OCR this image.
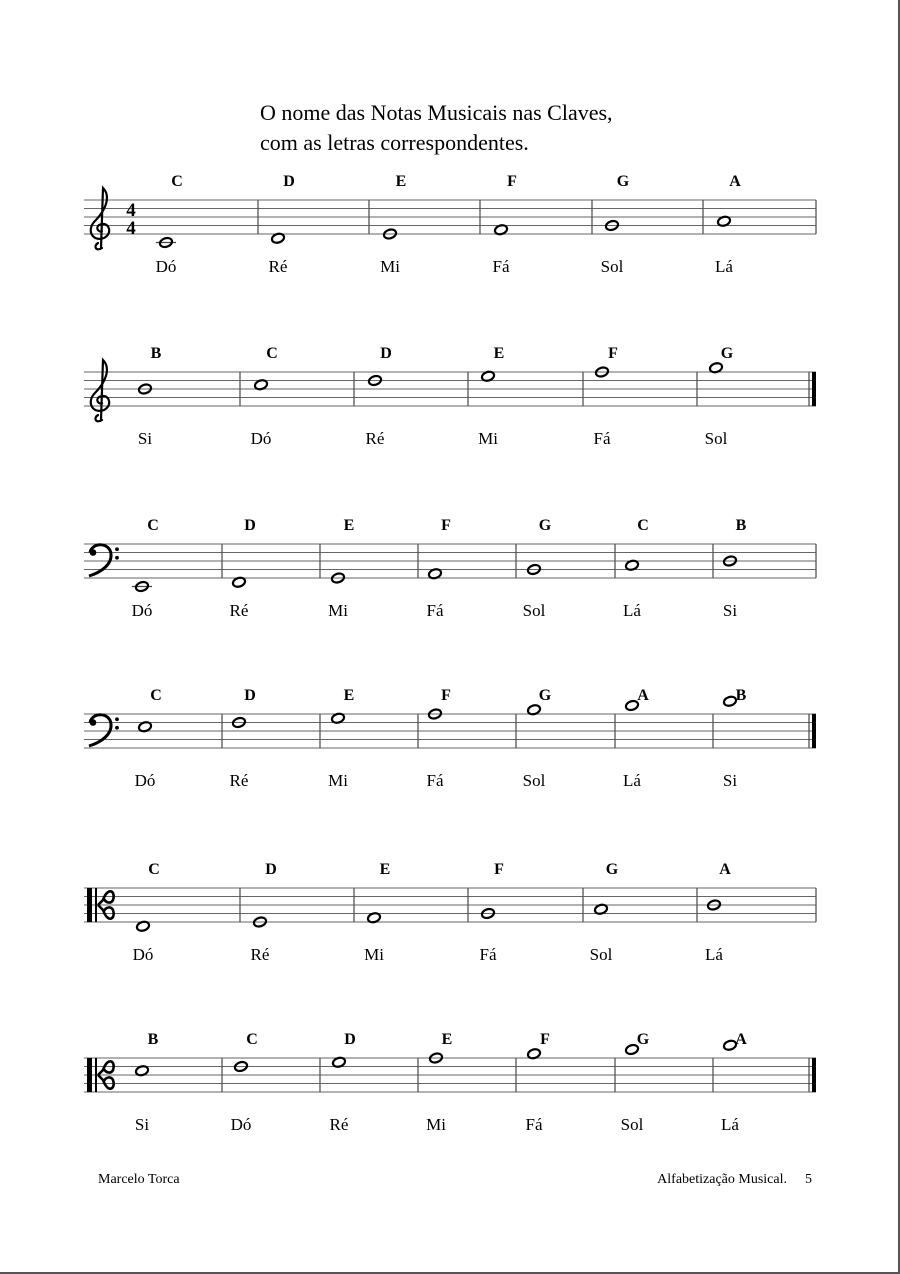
O nome das Notas Musicais nas Claves,
com as letras correspondentes.
4
4
C
Dó
D
Ré
E
Mi
F
Fá
G
Sol
A
Lá
B
Si
C
Dó
D
Ré
E
Mi
F
Fá
G
Sol
C
Dó
D
Ré
E
Mi
F
Fá
G
Sol
C
Lá
B
Si
C
Dó
D
Ré
E
Mi
F
Fá
G
Sol
A
Lá
B
Si
C
Dó
D
Ré
E
Mi
F
Fá
G
Sol
A
Lá
B
Si
C
Dó
D
Ré
E
Mi
F
Fá
G
Sol
A
Lá
Marcelo Torca	Alfabetização Musical. 5
